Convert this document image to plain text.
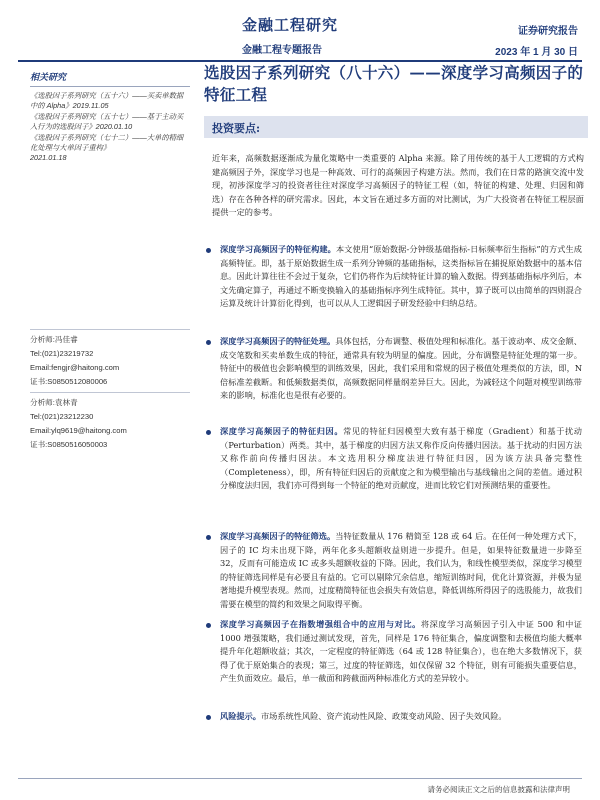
金融工程研究
金融工程专题报告
证券研究报告
2023 年 1 月 30 日
相关研究
《选股因子系列研究（五十六）——买卖单数据中的 Alpha》2019.11.05
《选股因子系列研究（五十七）——基于主动买入行为的选股因子》2020.01.10
《选股因子系列研究（七十二）——大单的精细化处理与大单因子重构》
2021.01.18
分析师:冯佳睿
Tel:(021)23219732
Email:fengjr@haitong.com
证书:S0850512080006
分析师:袁林青
Tel:(021)23212230
Email:ylq9619@haitong.com
证书:S0850516050003
选股因子系列研究（八十六）——深度学习高频因子的特征工程
投资要点:
近年来，高频数据逐渐成为量化策略中一类重要的 Alpha 来源。除了用传统的基于人工逻辑的方式构建高频因子外，深度学习也是一种高效、可行的高频因子构建方法。然而，我们在日常的路演交流中发现，初涉深度学习的投资者往往对深度学习高频因子的特征工程（如，特征的构建、处理、归因和筛选）存在各种各样的研究需求。因此，本文旨在通过多方面的对比测试，为广大投资者在特征工程层面提供一定的参考。
深度学习高频因子的特征构建。本文使用“原始数据-分钟级基础指标-日标频率衍生指标”的方式生成高频特征。即，基于原始数据生成一系列分钟频的基础指标，这类指标旨在捕捉原始数据中的基本信息。因此计算往往不会过于复杂，它们仍将作为后续特征计算的输入数据。得到基础指标序列后，本文先确定算子，再通过不断变换输入的基础指标序列生成特征。其中，算子既可以由简单的四则混合运算及统计计算衍化得到，也可以从人工逻辑因子研发经验中归纳总结。
深度学习高频因子的特征处理。具体包括，分布调整、极值处理和标准化。基于波动率、成交金额、成交笔数和买卖单数生成的特征，通常具有较为明显的偏度。因此，分布调整是特征处理的第一步。特征中的极值也会影响模型的训练效果，因此，我们采用和常规的因子极值处理类似的方法，即，N 倍标准差截断。和低频数据类似，高频数据同样量纲差异巨大。因此，为减轻这个问题对模型训练带来的影响，标准化也是很有必要的。
深度学习高频因子的特征归因。常见的特征归因模型大致有基于梯度（Gradient）和基于扰动（Perturbation）两类。其中，基于梯度的归因方法又称作反向传播归因法。基于扰动的归因方法又称作前向传播归因法。本文选用积分梯度法进行特征归因，因为该方法具备完整性（Completeness），即，所有特征归因后的贡献度之和为模型输出与基线输出之间的差值。通过积分梯度法归因，我们亦可得到每一个特征的绝对贡献度，进而比较它们对预测结果的重要性。
深度学习高频因子的特征筛选。当特征数量从 176 精简至 128 或 64 后。在任何一种处理方式下，因子的 IC 均未出现下降，两年化多头超额收益则进一步提升。但是，如果特征数量进一步降至 32，反而有可能造成 IC 或多头超额收益的下降。因此，我们认为，和线性模型类似，深度学习模型的特征筛选同样是有必要且有益的。它可以剔除冗余信息，缩短训练时间，优化计算资源，并极为显著地提升模型表现。然而，过度精简特征也会损失有效信息，降低训练所得因子的选股能力，故我们需要在模型的简约和效果之间取得平衡。
深度学习高频因子在指数增强组合中的应用与对比。将深度学习高频因子引入中证 500 和中证 1000 增强策略，我们通过测试发现，首先，同样是 176 特征集合，偏度调整和去极值均能大概率提升年化超额收益；其次，一定程度的特征筛选（64 或 128 特征集合），也在绝大多数情况下，获得了优于原始集合的表现；第三，过度的特征筛选，如仅保留 32 个特征，则有可能损失重要信息，产生负面效应。最后，单一截面和跨截面两种标准化方式的差异较小。
风险提示。市场系统性风险、资产流动性风险、政策变动风险、因子失效风险。
请务必阅读正文之后的信息披露和法律声明
